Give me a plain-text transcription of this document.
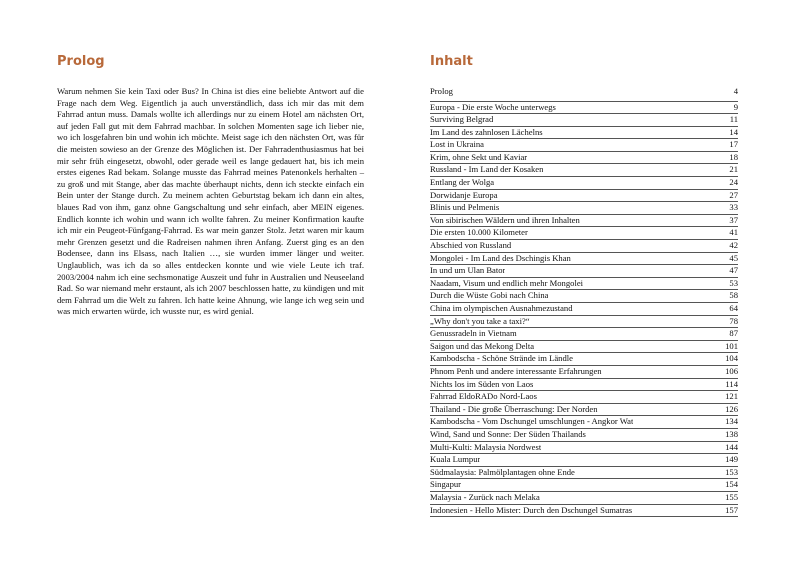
Prolog

Warum nehmen Sie kein Taxi oder Bus? In China ist dies eine beliebte Antwort auf die Frage nach dem Weg. Eigentlich ja auch unverständlich, dass ich mir das mit dem Fahrrad antun muss. Damals wollte ich allerdings nur zu einem Hotel am nächsten Ort, auf jeden Fall gut mit dem Fahrrad machbar. In solchen Momenten sage ich lieber nie, wo ich losgefahren bin und wohin ich möchte. Meist sage ich den nächsten Ort, was für die meisten sowieso an der Grenze des Möglichen ist. Der Fahrradenthusiasmus hat bei mir sehr früh eingesetzt, obwohl, oder gerade weil es lange gedauert hat, bis ich mein erstes eigenes Rad bekam. Solange musste das Fahrrad meines Patenonkels herhalten – zu groß und mit Stange, aber das machte überhaupt nichts, denn ich steckte einfach ein Bein unter der Stange durch. Zu meinem achten Geburtstag bekam ich dann ein altes, blaues Rad von ihm, ganz ohne Gangschaltung und sehr einfach, aber MEIN eigenes. Endlich konnte ich wohin und wann ich wollte fahren. Zu meiner Konfirmation kaufte ich mir ein Peugeot-Fünfgang-Fahrrad. Es war mein ganzer Stolz. Jetzt waren mir kaum mehr Grenzen gesetzt und die Radreisen nahmen ihren Anfang. Zuerst ging es an den Bodensee, dann ins Elsass, nach Italien …, sie wurden immer länger und weiter. Unglaublich, was ich da so alles entdecken konnte und wie viele Leute ich traf. 2003/2004 nahm ich eine sechsmonatige Auszeit und fuhr in Australien und Neuseeland Rad. So war niemand mehr erstaunt, als ich 2007 beschlossen hatte, zu kündigen und mit dem Fahrrad um die Welt zu fahren. Ich hatte keine Ahnung, wie lange ich weg sein und was mich erwarten würde, ich wusste nur, es wird genial.

Inhalt
Prolog	4
Europa - Die erste Woche unterwegs	9
Surviving Belgrad	11
Im Land des zahnlosen Lächelns	14
Lost in Ukraina	17
Krim, ohne Sekt und Kaviar	18
Russland - Im Land der Kosaken	21
Entlang der Wolga	24
Dorwidanje Europa	27
Blinis und Pelmenis	33
Von sibirischen Wäldern und ihren Inhalten	37
Die ersten 10.000 Kilometer	41
Abschied von Russland	42
Mongolei - Im Land des Dschingis Khan	45
In und um Ulan Bator	47
Naadam, Visum und endlich mehr Mongolei	53
Durch die Wüste Gobi nach China	58
China im olympischen Ausnahmezustand	64
„Why don't you take a taxi?“	78
Genussradeln in Vietnam	87
Saigon und das Mekong Delta	101
Kambodscha - Schöne Strände im Ländle	104
Phnom Penh und andere interessante Erfahrungen	106
Nichts los im Süden von Laos	114
Fahrrad EldoRADo Nord-Laos	121
Thailand - Die große Überraschung: Der Norden	126
Kambodscha - Vom Dschungel umschlungen - Angkor Wat	134
Wind, Sand und Sonne: Der Süden Thailands	138
Multi-Kulti: Malaysia Nordwest	144
Kuala Lumpur	149
Südmalaysia: Palmölplantagen ohne Ende	153
Singapur	154
Malaysia - Zurück nach Melaka	155
Indonesien - Hello Mister: Durch den Dschungel Sumatras	157
